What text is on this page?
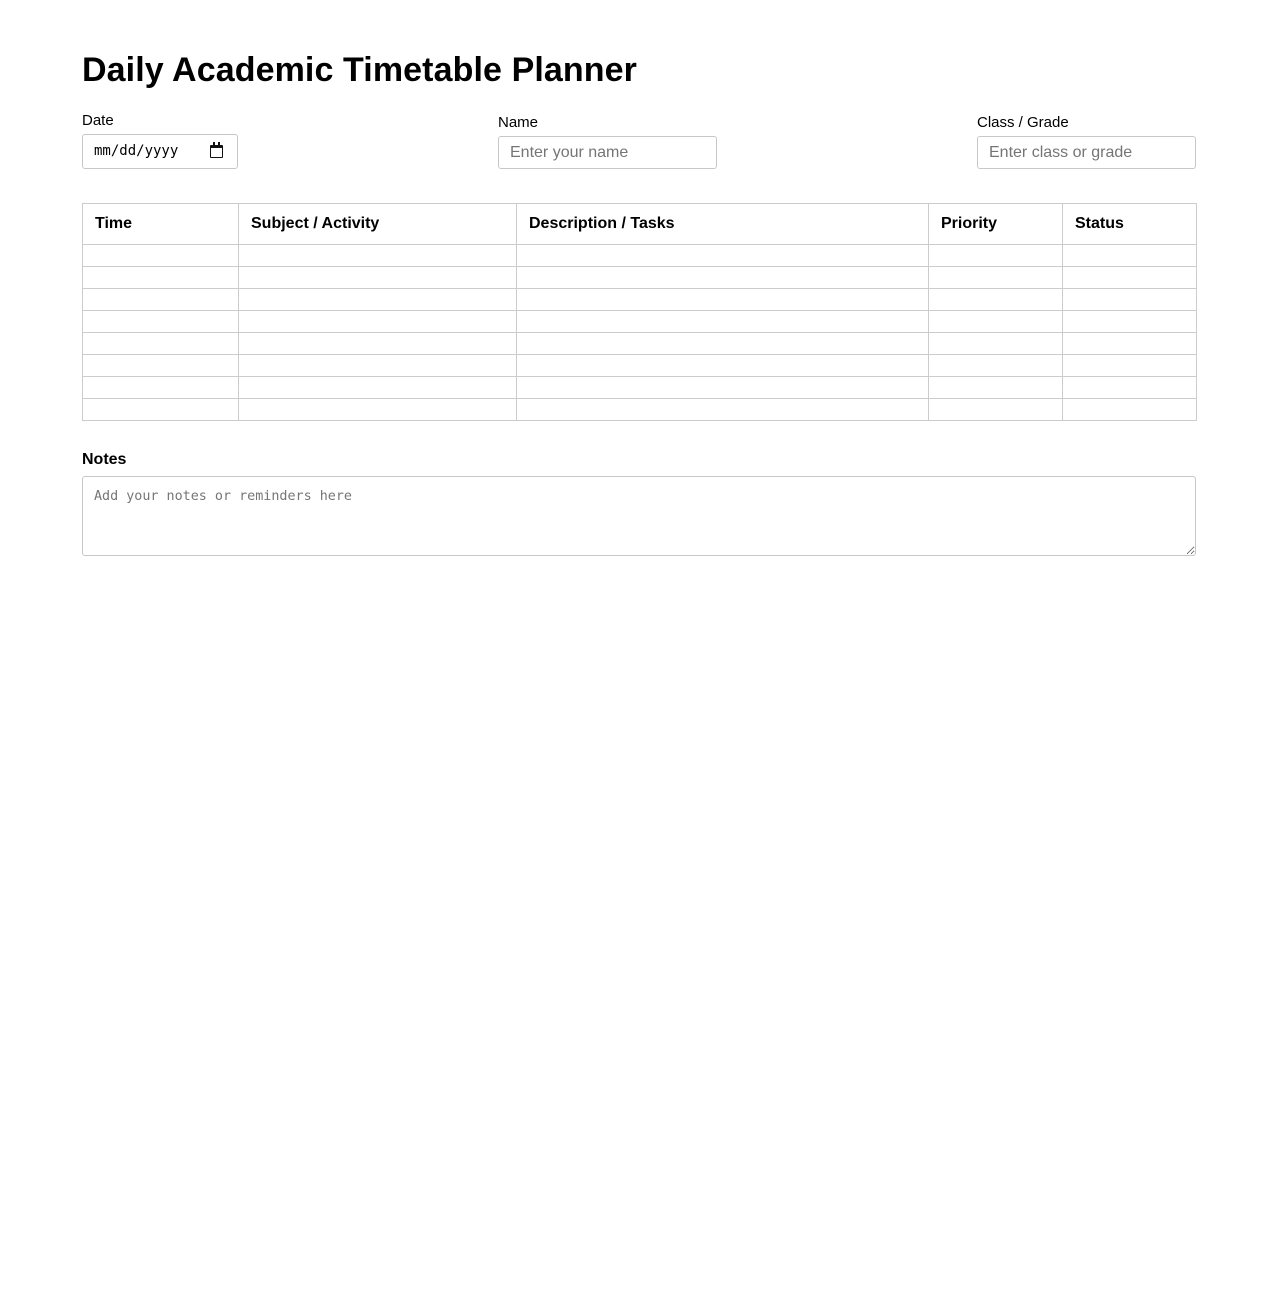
Daily Academic Timetable Planner
Date
mm/dd/yyyy
Name
Enter your name	Class / Grade
Enter class or grade
Time	Subject / Activity	Description / Tasks	Priority	Status

Notes
Add your notes or reminders here
